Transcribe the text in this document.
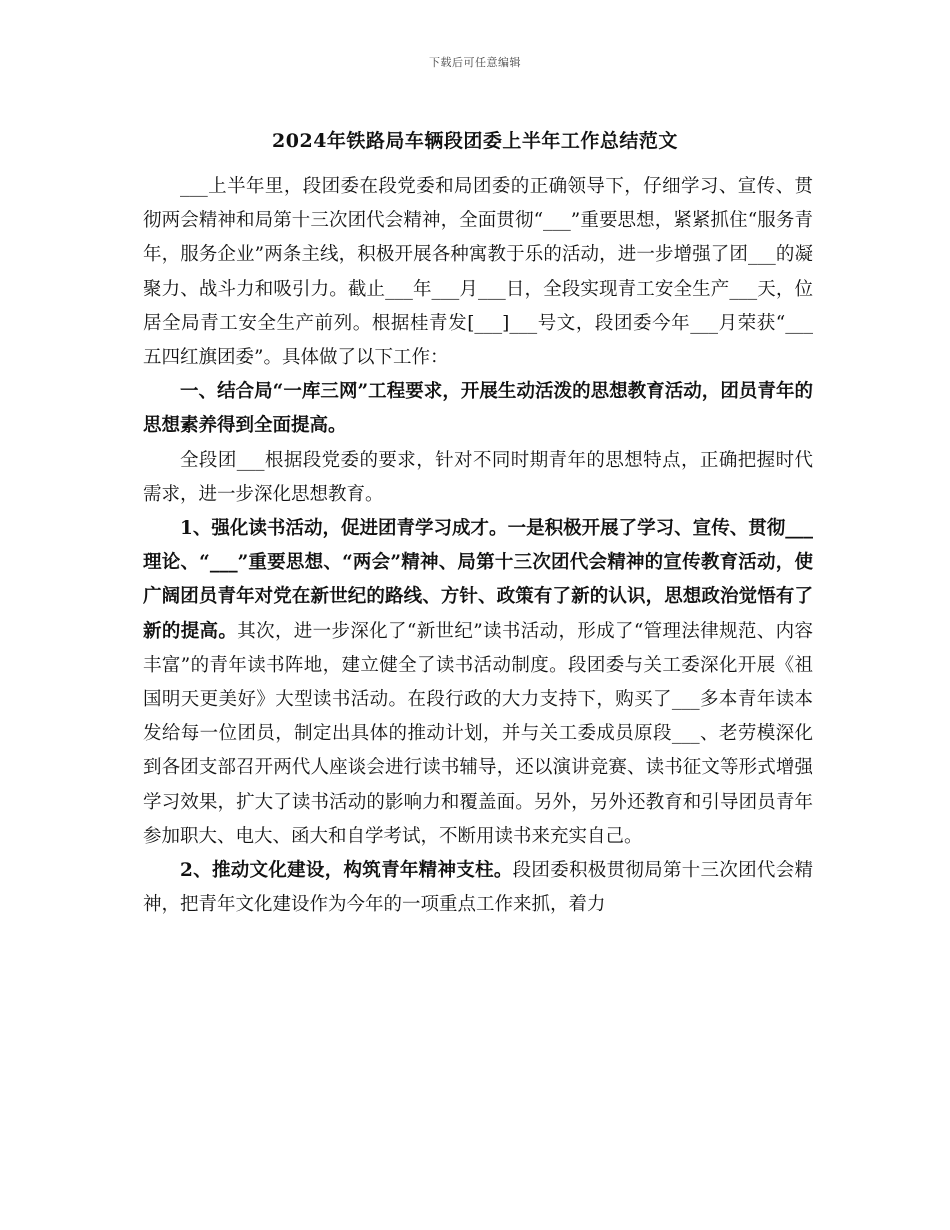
下载后可任意编辑
2024年铁路局车辆段团委上半年工作总结范文

___上半年里，段团委在段党委和局团委的正确领导下，仔细学习、宣传、贯彻两会精神和局第十三次团代会精神，全面贯彻“___”重要思想，紧紧抓住“服务青年，服务企业”两条主线，积极开展各种寓教于乐的活动，进一步增强了团___的凝聚力、战斗力和吸引力。截止___年___月___日，全段实现青工安全生产___天，位居全局青工安全生产前列。根据桂青发[___]___号文，段团委今年___月荣获“___五四红旗团委”。具体做了以下工作：

一、结合局“一库三网”工程要求，开展生动活泼的思想教育活动，团员青年的思想素养得到全面提高。

全段团___根据段党委的要求，针对不同时期青年的思想特点，正确把握时代需求，进一步深化思想教育。

1、强化读书活动，促进团青学习成才。一是积极开展了学习、宣传、贯彻___理论、“___”重要思想、“两会”精神、局第十三次团代会精神的宣传教育活动，使广阔团员青年对党在新世纪的路线、方针、政策有了新的认识，思想政治觉悟有了新的提高。其次，进一步深化了“新世纪”读书活动，形成了“管理法律规范、内容丰富”的青年读书阵地，建立健全了读书活动制度。段团委与关工委深化开展《祖国明天更美好》大型读书活动。在段行政的大力支持下，购买了___多本青年读本发给每一位团员，制定出具体的推动计划，并与关工委成员原段___、老劳模深化到各团支部召开两代人座谈会进行读书辅导，还以演讲竞赛、读书征文等形式增强学习效果，扩大了读书活动的影响力和覆盖面。另外，另外还教育和引导团员青年参加职大、电大、函大和自学考试，不断用读书来充实自己。

2、推动文化建设，构筑青年精神支柱。段团委积极贯彻局第十三次团代会精神，把青年文化建设作为今年的一项重点工作来抓，着力
